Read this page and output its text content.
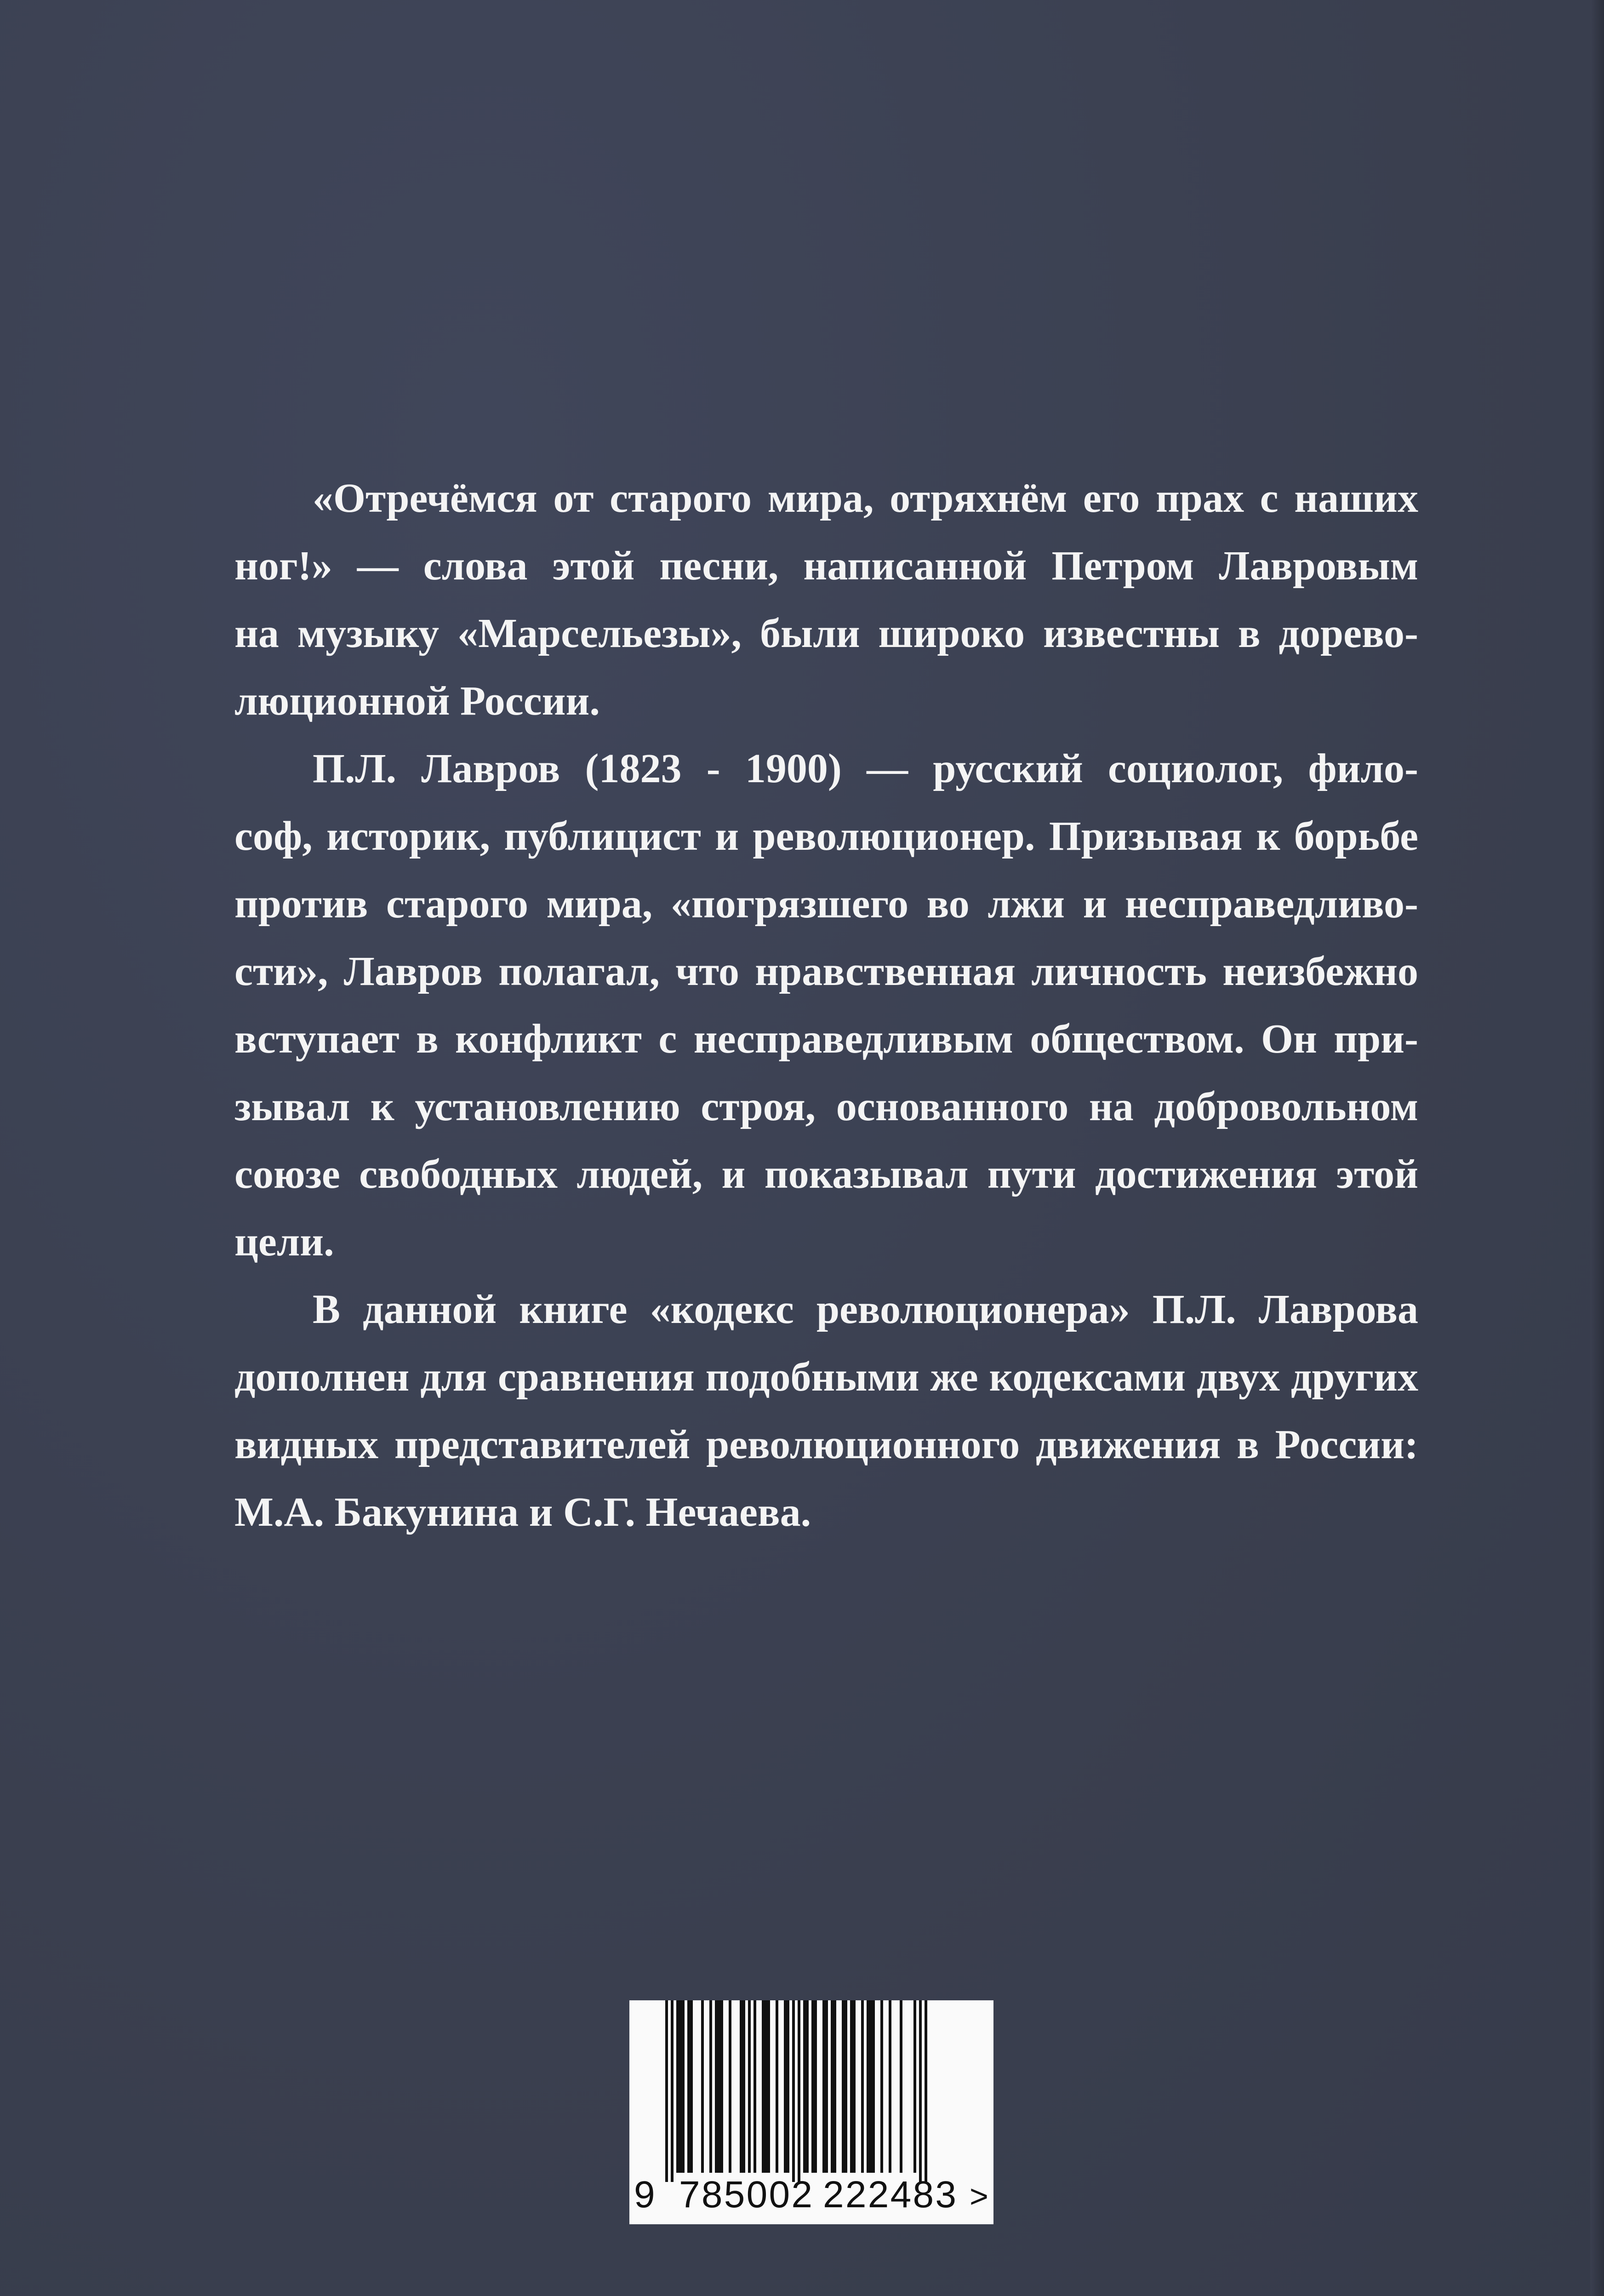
«Отречёмся от старого мира, отряхнём его прах с наших
ног!» — слова этой песни, написанной Петром Лавровым
на музыку «Марсельезы», были широко известны в дорево-
люционной России.
П.Л. Лавров (1823 - 1900) — русский социолог, фило-
соф, историк, публицист и революционер. Призывая к борьбе
против старого мира, «погрязшего во лжи и несправедливо-
сти», Лавров полагал, что нравственная личность неизбежно
вступает в конфликт с несправедливым обществом. Он при-
зывал к установлению строя, основанного на добровольном
союзе свободных людей, и показывал пути достижения этой
цели.
В данной книге «кодекс революционера» П.Л. Лаврова
дополнен для сравнения подобными же кодексами двух других
видных представителей революционного движения в России:
М.А. Бакунина и С.Г. Нечаева.
9 785002 222483 >
